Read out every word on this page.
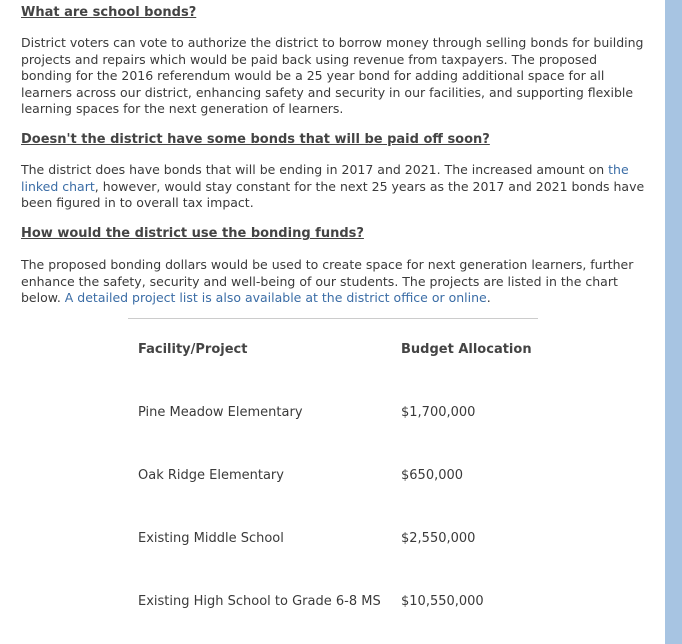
What are school bonds?

District voters can vote to authorize the district to borrow money through selling bonds for building projects and repairs which would be paid back using revenue from taxpayers. The proposed bonding for the 2016 referendum would be a 25 year bond for adding additional space for all learners across our district, enhancing safety and security in our facilities, and supporting flexible learning spaces for the next generation of learners.

Doesn't the district have some bonds that will be paid off soon?

The district does have bonds that will be ending in 2017 and 2021. The increased amount on the linked chart, however, would stay constant for the next 25 years as the 2017 and 2021 bonds have been figured in to overall tax impact.

How would the district use the bonding funds?

The proposed bonding dollars would be used to create space for next generation learners, further enhance the safety, security and well-being of our students. The projects are listed in the chart below. A detailed project list is also available at the district office or online.

Facility/Project	Budget Allocation
Pine Meadow Elementary	$1,700,000
Oak Ridge Elementary	$650,000
Existing Middle School	$2,550,000
Existing High School to Grade 6-8 MS $10,550,000
